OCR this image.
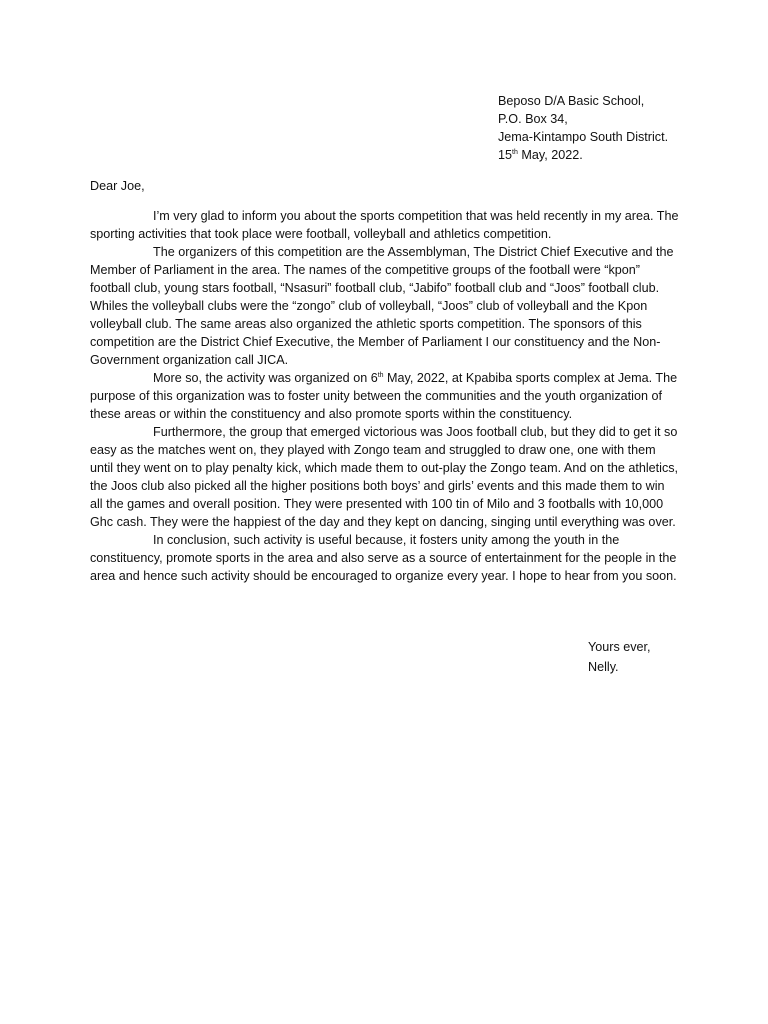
Beposo D/A Basic School,
P.O. Box 34,
Jema-Kintampo South District.
15th May, 2022.
Dear Joe,

I’m very glad to inform you about the sports competition that was held recently in my area. The sporting activities that took place were football, volleyball and athletics competition.

The organizers of this competition are the Assemblyman, The District Chief Executive and the Member of Parliament in the area. The names of the competitive groups of the football were “kpon” football club, young stars football, “Nsasuri” football club, “Jabifo” football club and “Joos” football club. Whiles the volleyball clubs were the “zongo” club of volleyball, “Joos” club of volleyball and the Kpon volleyball club. The same areas also organized the athletic sports competition. The sponsors of this competition are the District Chief Executive, the Member of Parliament I our constituency and the Non-Government organization call JICA.

More so, the activity was organized on 6th May, 2022, at Kpabiba sports complex at Jema. The purpose of this organization was to foster unity between the communities and the youth organization of these areas or within the constituency and also promote sports within the constituency.

Furthermore, the group that emerged victorious was Joos football club, but they did to get it so easy as the matches went on, they played with Zongo team and struggled to draw one, one with them until they went on to play penalty kick, which made them to out-play the Zongo team. And on the athletics, the Joos club also picked all the higher positions both boys’ and girls’ events and this made them to win all the games and overall position. They were presented with 100 tin of Milo and 3 footballs with 10,000 Ghc cash. They were the happiest of the day and they kept on dancing, singing until everything was over.

In conclusion, such activity is useful because, it fosters unity among the youth in the constituency, promote sports in the area and also serve as a source of entertainment for the people in the area and hence such activity should be encouraged to organize every year. I hope to hear from you soon.

Yours ever,
Nelly.
